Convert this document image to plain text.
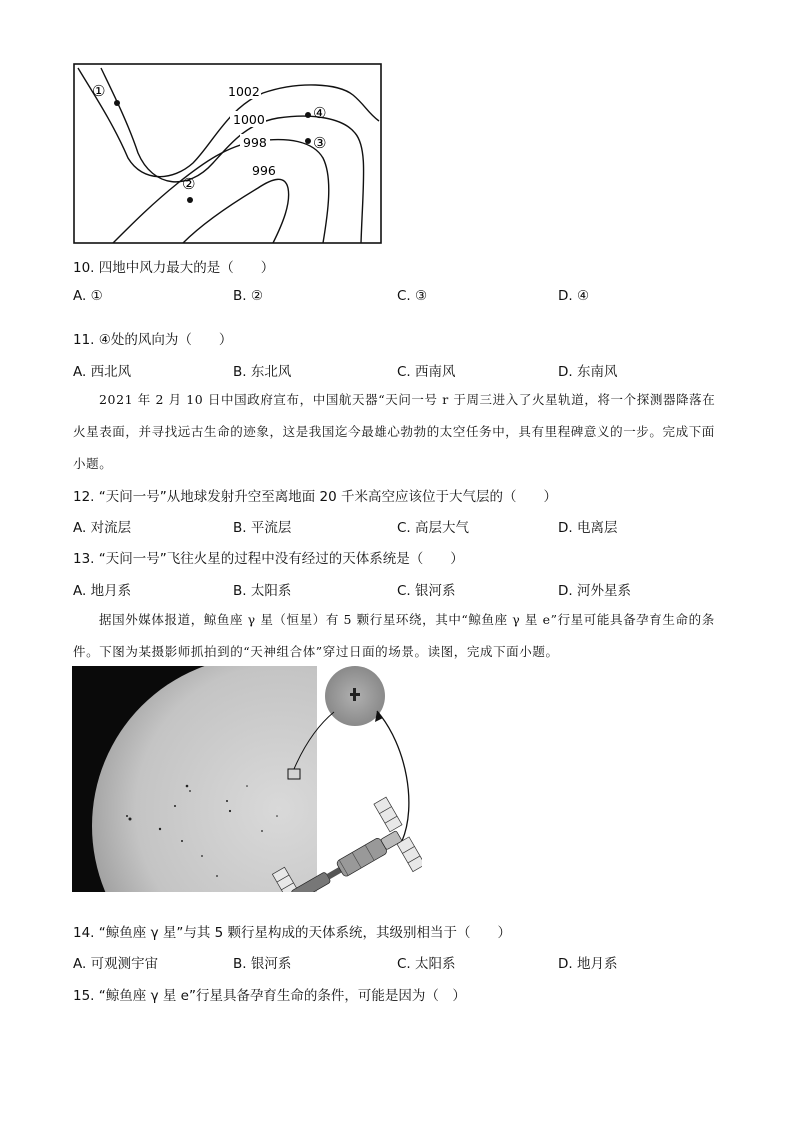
1002
1000
998
996
①
②
③
④
10. 四地中风力最大的是（　　）
A. ①	B. ②	C. ③	D. ④
11. ④处的风向为（　　）
A. 西北风	B. 东北风	C. 西南风	D. 东南风
2021 年 2 月 10 日中国政府宣布，中国航天器“天问一号 r 于周三进入了火星轨道，将一个探测器降落在火星表面，并寻找远古生命的迹象，这是我国迄今最雄心勃勃的太空任务中，具有里程碑意义的一步。完成下面小题。
12. “天问一号”从地球发射升空至离地面 20 千米高空应该位于大气层的（　　）
A. 对流层	B. 平流层	C. 高层大气	D. 电离层
13. “天问一号”飞往火星的过程中没有经过的天体系统是（　　）
A. 地月系	B. 太阳系	C. 银河系	D. 河外星系
据国外媒体报道，鲸鱼座 γ 星（恒星）有 5 颗行星环绕，其中“鲸鱼座 γ 星 e”行星可能具备孕育生命的条件。下图为某摄影师抓拍到的“天神组合体”穿过日面的场景。读图，完成下面小题。
14. “鲸鱼座 γ 星”与其 5 颗行星构成的天体系统，其级别相当于（　　）
A. 可观测宇宙	B. 银河系	C. 太阳系	D. 地月系
15. “鲸鱼座 γ 星 e”行星具备孕育生命的条件，可能是因为（　）
